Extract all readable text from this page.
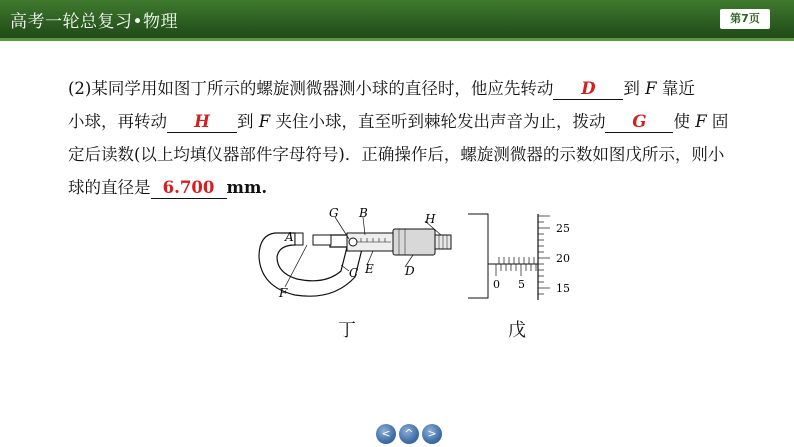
高考一轮总复习•物理	第7页
(2)某同学用如图丁所示的螺旋测微器测小球的直径时，他应先转动 D 到 F 靠近
小球，再转动 H 到 F 夹住小球，直至听到棘轮发出声音为止，拨动 G 使 F 固
定后读数(以上均填仪器部件字母符号)．正确操作后，螺旋测微器的示数如图戊所示，则小
球的直径是 6.700 mm.
A
G B	H
F
C E	D
丁
0 5
25
20
15
戊
<	^	>
